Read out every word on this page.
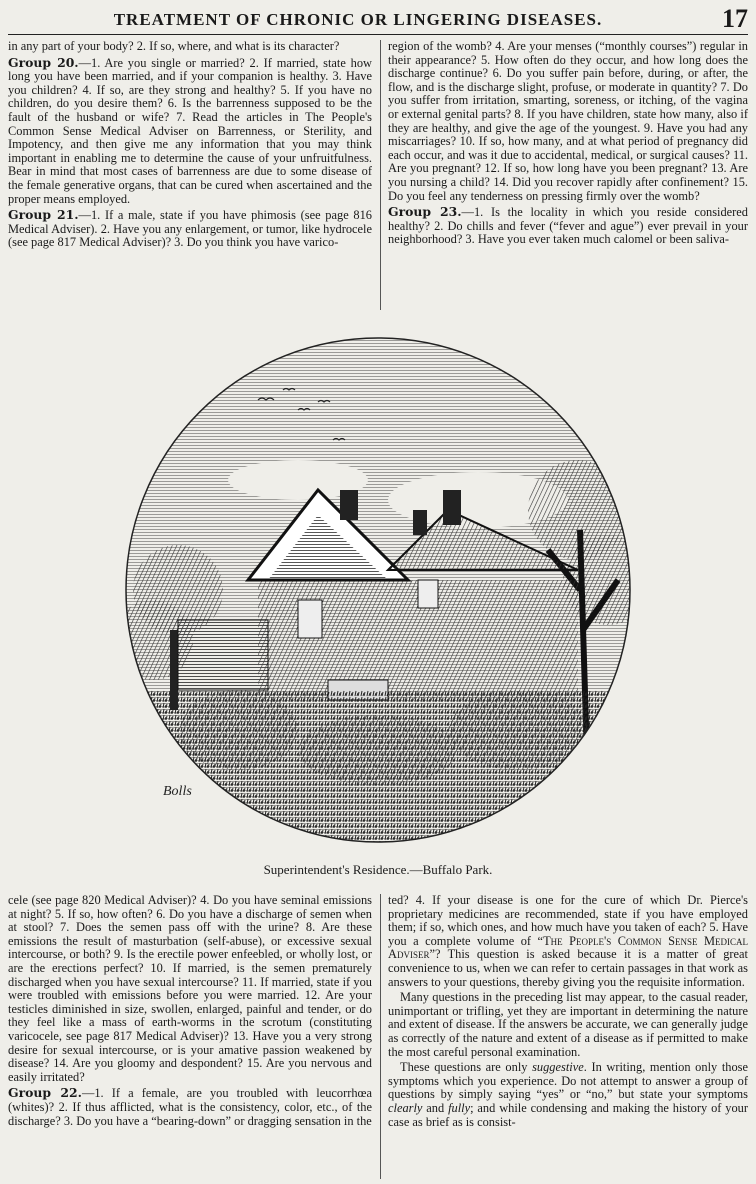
TREATMENT OF CHRONIC OR LINGERING DISEASES.	17

in any part of your body? 2. If so, where, and what is its character?

Group 20.—1. Are you single or married? 2. If married, state how long you have been married, and if your companion is healthy. 3. Have you children? 4. If so, are they strong and healthy? 5. If you have no children, do you desire them? 6. Is the barrenness supposed to be the fault of the husband or wife? 7. Read the articles in The People's Common Sense Medical Adviser on Barrenness, or Sterility, and Impotency, and then give me any information that you may think important in enabling me to determine the cause of your unfruitfulness. Bear in mind that most cases of barrenness are due to some disease of the female generative organs, that can be cured when ascertained and the proper means employed.

Group 21.—1. If a male, state if you have phimosis (see page 816 Medical Adviser). 2. Have you any enlargement, or tumor, like hydrocele (see page 817 Medical Adviser)? 3. Do you think you have varico-

region of the womb? 4. Are your menses (“monthly courses”) regular in their appearance? 5. How often do they occur, and how long does the discharge continue? 6. Do you suffer pain before, during, or after, the flow, and is the discharge slight, profuse, or moderate in quantity? 7. Do you suffer from irritation, smarting, soreness, or itching, of the vagina or external genital parts? 8. If you have children, state how many, also if they are healthy, and give the age of the youngest. 9. Have you had any miscarriages? 10. If so, how many, and at what period of pregnancy did each occur, and was it due to accidental, medical, or surgical causes? 11. Are you pregnant? 12. If so, how long have you been pregnant? 13. Are you nursing a child? 14. Did you recover rapidly after confinement? 15. Do you feel any tenderness on pressing firmly over the womb?

Group 23.—1. Is the locality in which you reside considered healthy? 2. Do chills and fever (“fever and ague”) ever prevail in your neighborhood? 3. Have you ever taken much calomel or been saliva-

Bolls
Superintendent's Residence.—Buffalo Park.

cele (see page 820 Medical Adviser)? 4. Do you have seminal emissions at night? 5. If so, how often? 6. Do you have a discharge of semen when at stool? 7. Does the semen pass off with the urine? 8. Are these emissions the result of masturbation (self-abuse), or excessive sexual intercourse, or both? 9. Is the erectile power enfeebled, or wholly lost, or are the erections perfect? 10. If married, is the semen prematurely discharged when you have sexual intercourse? 11. If married, state if you were troubled with emissions before you were married. 12. Are your testicles diminished in size, swollen, enlarged, painful and tender, or do they feel like a mass of earth-worms in the scrotum (constituting varicocele, see page 817 Medical Adviser)? 13. Have you a very strong desire for sexual intercourse, or is your amative passion weakened by disease? 14. Are you gloomy and despondent? 15. Are you nervous and easily irritated?

Group 22.—1. If a female, are you troubled with leucorrhœa (whites)? 2. If thus afflicted, what is the consistency, color, etc., of the discharge? 3. Do you have a “bearing-down” or dragging sensation in the

ted? 4. If your disease is one for the cure of which Dr. Pierce's proprietary medicines are recommended, state if you have employed them; if so, which ones, and how much have you taken of each? 5. Have you a complete volume of “The People's Common Sense Medical Adviser”? This question is asked because it is a matter of great convenience to us, when we can refer to certain passages in that work as answers to your questions, thereby giving you the requisite information.

Many questions in the preceding list may appear, to the casual reader, unimportant or trifling, yet they are important in determining the nature and extent of disease. If the answers be accurate, we can generally judge as correctly of the nature and extent of a disease as if permitted to make the most careful personal examination.

These questions are only suggestive. In writing, mention only those symptoms which you experience. Do not attempt to answer a group of questions by simply saying “yes” or “no,” but state your symptoms clearly and fully; and while condensing and making the history of your case as brief as is consist-
